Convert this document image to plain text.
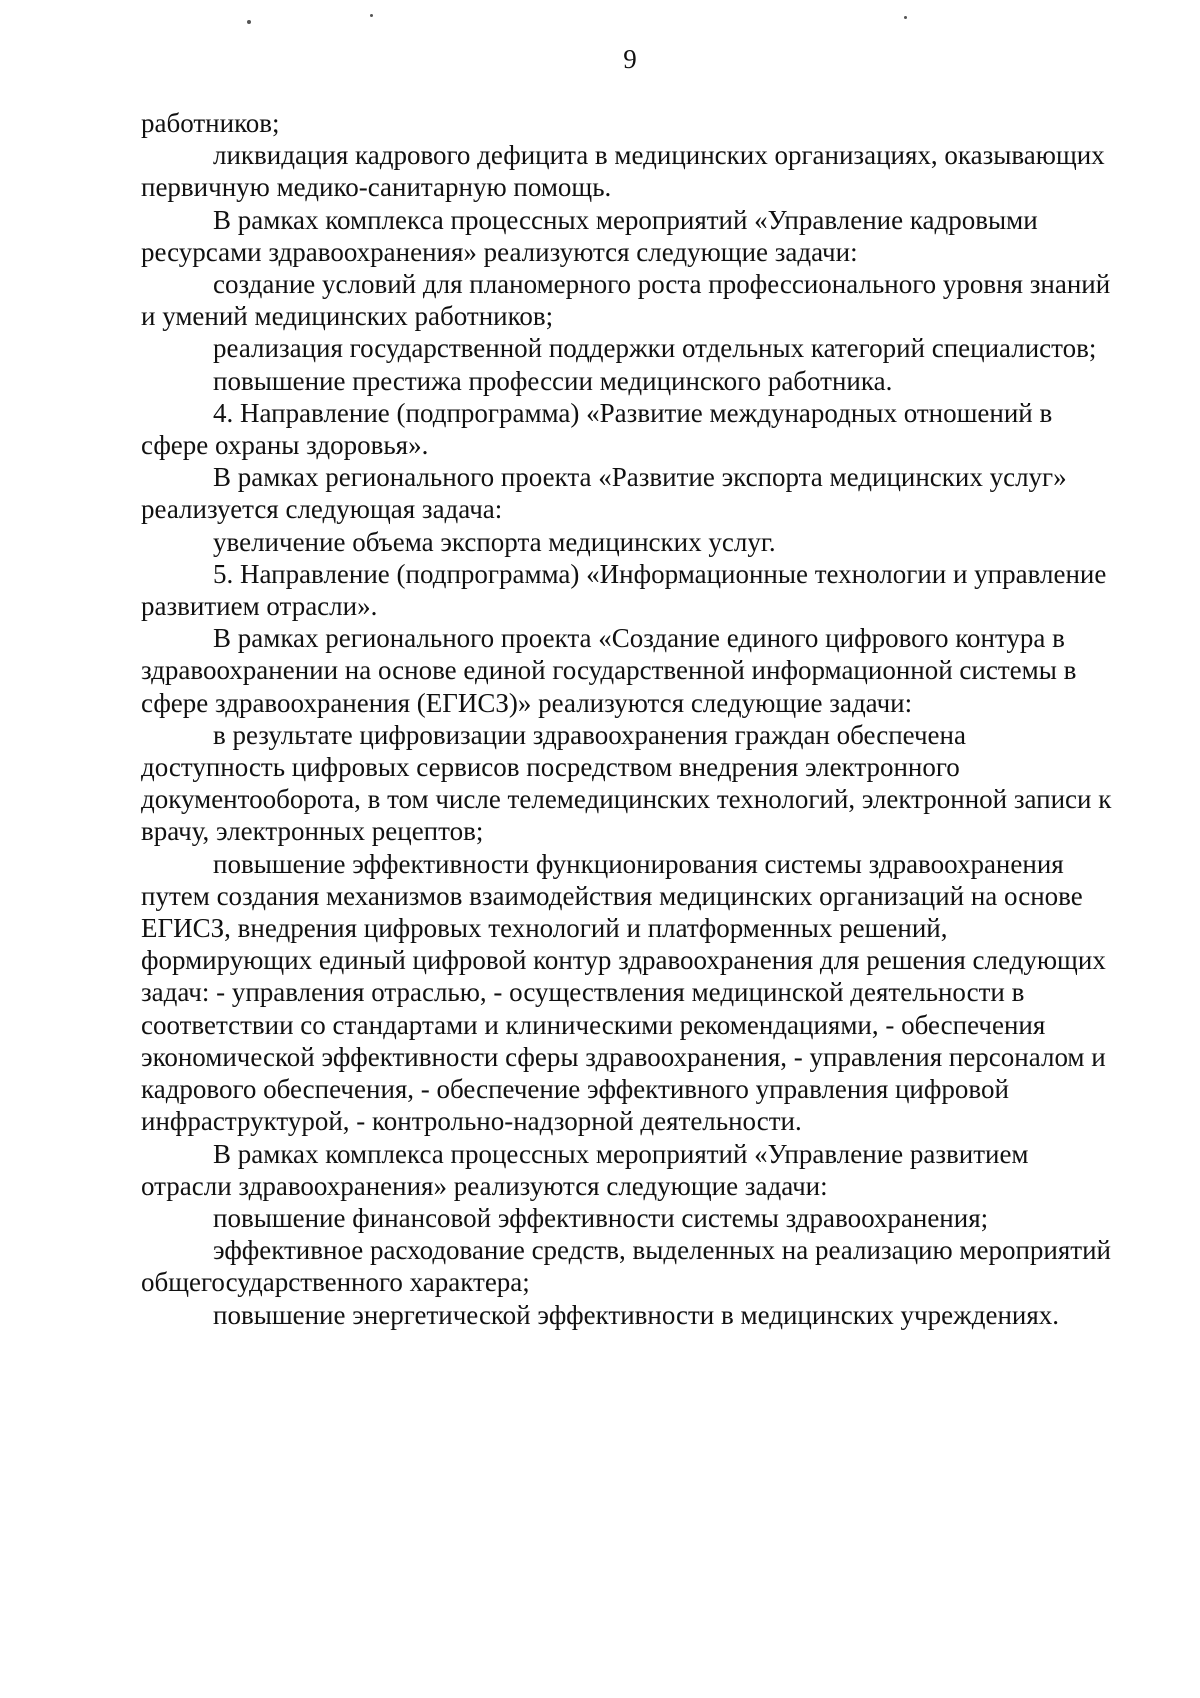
9

работников;

ликвидация кадрового дефицита в медицинских организациях, оказывающих первичную медико-санитарную помощь.

В рамках комплекса процессных мероприятий «Управление кадровыми ресурсами здравоохранения» реализуются следующие задачи:

создание условий для планомерного роста профессионального уровня знаний и умений медицинских работников;

реализация государственной поддержки отдельных категорий специалистов;

повышение престижа профессии медицинского работника.

4. Направление (подпрограмма) «Развитие международных отношений в сфере охраны здоровья».

В рамках регионального проекта «Развитие экспорта медицинских услуг» реализуется следующая задача:

увеличение объема экспорта медицинских услуг.

5. Направление (подпрограмма) «Информационные технологии и управление развитием отрасли».

В рамках регионального проекта «Создание единого цифрового контура в здравоохранении на основе единой государственной информационной системы в сфере здравоохранения (ЕГИСЗ)» реализуются следующие задачи:

в результате цифровизации здравоохранения граждан обеспечена доступность цифровых сервисов посредством внедрения электронного документооборота, в том числе телемедицинских технологий, электронной записи к врачу, электронных рецептов;

повышение эффективности функционирования системы здравоохранения путем создания механизмов взаимодействия медицинских организаций на основе ЕГИСЗ, внедрения цифровых технологий и платформенных решений, формирующих единый цифровой контур здравоохранения для решения следующих задач: - управления отраслью, - осуществления медицинской деятельности в соответствии со стандартами и клиническими рекомендациями, - обеспечения экономической эффективности сферы здравоохранения, - управления персоналом и кадрового обеспечения, - обеспечение эффективного управления цифровой инфраструктурой, - контрольно-надзорной деятельности.

В рамках комплекса процессных мероприятий «Управление развитием отрасли здравоохранения» реализуются следующие задачи:

повышение финансовой эффективности системы здравоохранения;

эффективное расходование средств, выделенных на реализацию мероприятий общегосударственного характера;

повышение энергетической эффективности в медицинских учреждениях.
